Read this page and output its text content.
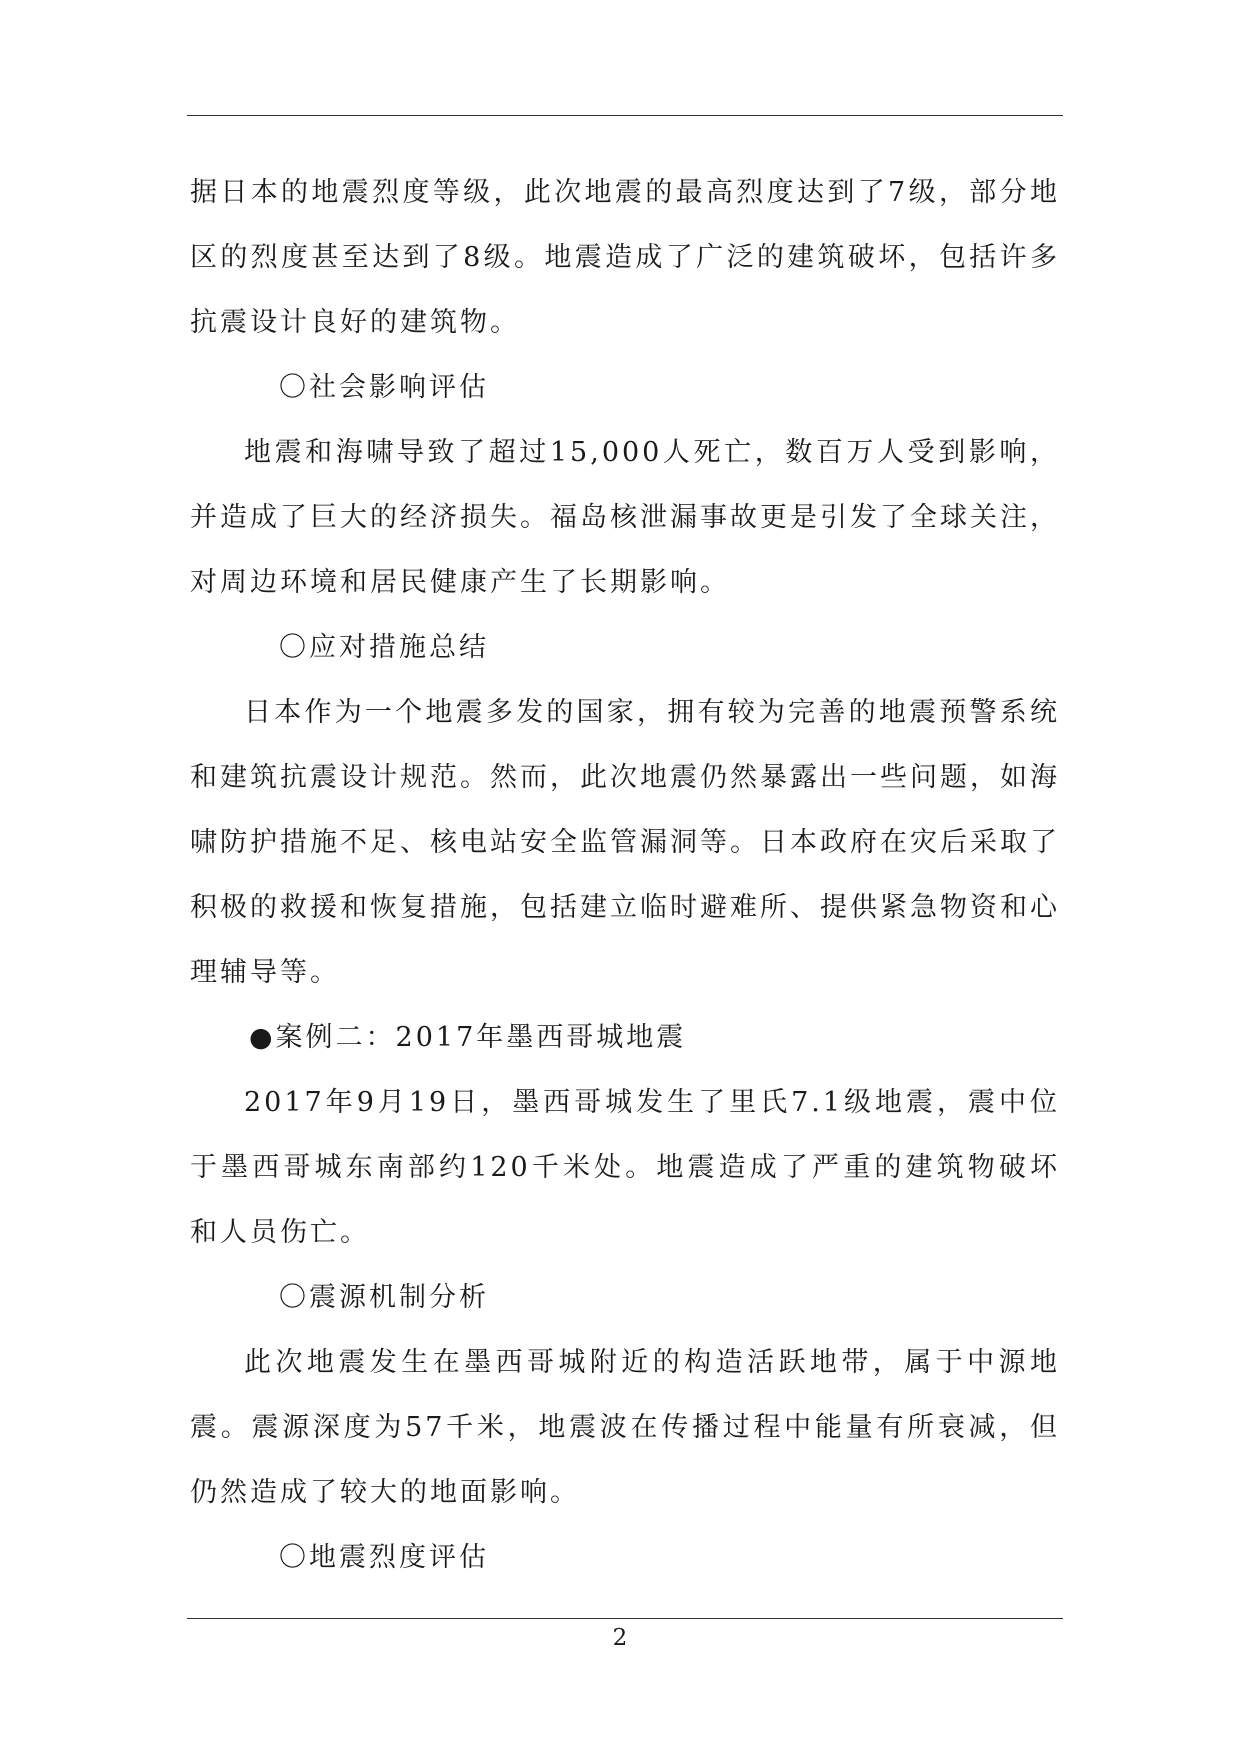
据日本的地震烈度等级，此次地震的最高烈度达到了7级，部分地区的烈度甚至达到了8级。地震造成了广泛的建筑破坏，包括许多抗震设计良好的建筑物。

〇社会影响评估

地震和海啸导致了超过15,000人死亡，数百万人受到影响，并造成了巨大的经济损失。福岛核泄漏事故更是引发了全球关注，对周边环境和居民健康产生了长期影响。

〇应对措施总结

日本作为一个地震多发的国家，拥有较为完善的地震预警系统和建筑抗震设计规范。然而，此次地震仍然暴露出一些问题，如海啸防护措施不足、核电站安全监管漏洞等。日本政府在灾后采取了积极的救援和恢复措施，包括建立临时避难所、提供紧急物资和心理辅导等。

●案例二：2017年墨西哥城地震

2017年9月19日，墨西哥城发生了里氏7.1级地震，震中位于墨西哥城东南部约120千米处。地震造成了严重的建筑物破坏和人员伤亡。

〇震源机制分析

此次地震发生在墨西哥城附近的构造活跃地带，属于中源地震。震源深度为57千米，地震波在传播过程中能量有所衰减，但仍然造成了较大的地面影响。

〇地震烈度评估

2
